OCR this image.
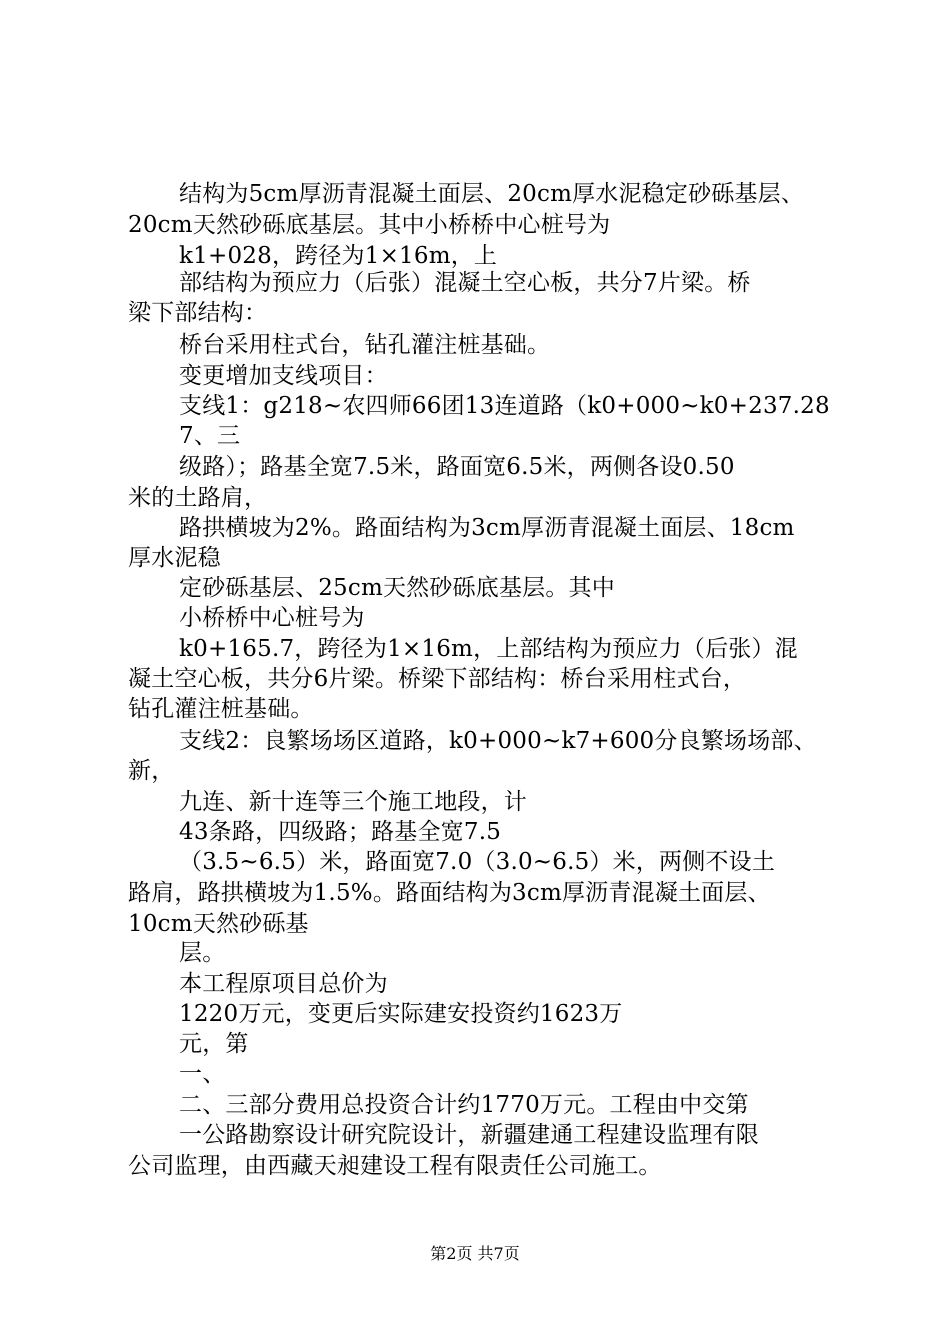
结构为5cm厚沥青混凝土面层、20cm厚水泥稳定砂砾基层、
20cm天然砂砾底基层。其中小桥桥中心桩号为
k1+028，跨径为1×16m，上
部结构为预应力（后张）混凝土空心板，共分7片梁。桥
梁下部结构：
桥台采用柱式台，钻孔灌注桩基础。
变更增加支线项目：
支线1：g218~农四师66团13连道路（k0+000~k0+237.28
7、三
级路）；路基全宽7.5米，路面宽6.5米，两侧各设0.50
米的土路肩，
路拱横坡为2%。路面结构为3cm厚沥青混凝土面层、18cm
厚水泥稳
定砂砾基层、25cm天然砂砾底基层。其中
小桥桥中心桩号为
k0+165.7，跨径为1×16m，上部结构为预应力（后张）混
凝土空心板，共分6片梁。桥梁下部结构：桥台采用柱式台，
钻孔灌注桩基础。
支线2：良繁场场区道路，k0+000~k7+600分良繁场场部、
新，
九连、新十连等三个施工地段，计
43条路，四级路；路基全宽7.5
（3.5~6.5）米，路面宽7.0（3.0~6.5）米，两侧不设土
路肩，路拱横坡为1.5%。路面结构为3cm厚沥青混凝土面层、
10cm天然砂砾基
层。
本工程原项目总价为
1220万元，变更后实际建安投资约1623万
元，第
一、
二、三部分费用总投资合计约1770万元。工程由中交第
一公路勘察设计研究院设计，新疆建通工程建设监理有限
公司监理，由西藏天昶建设工程有限责任公司施工。
第2页 共7页
